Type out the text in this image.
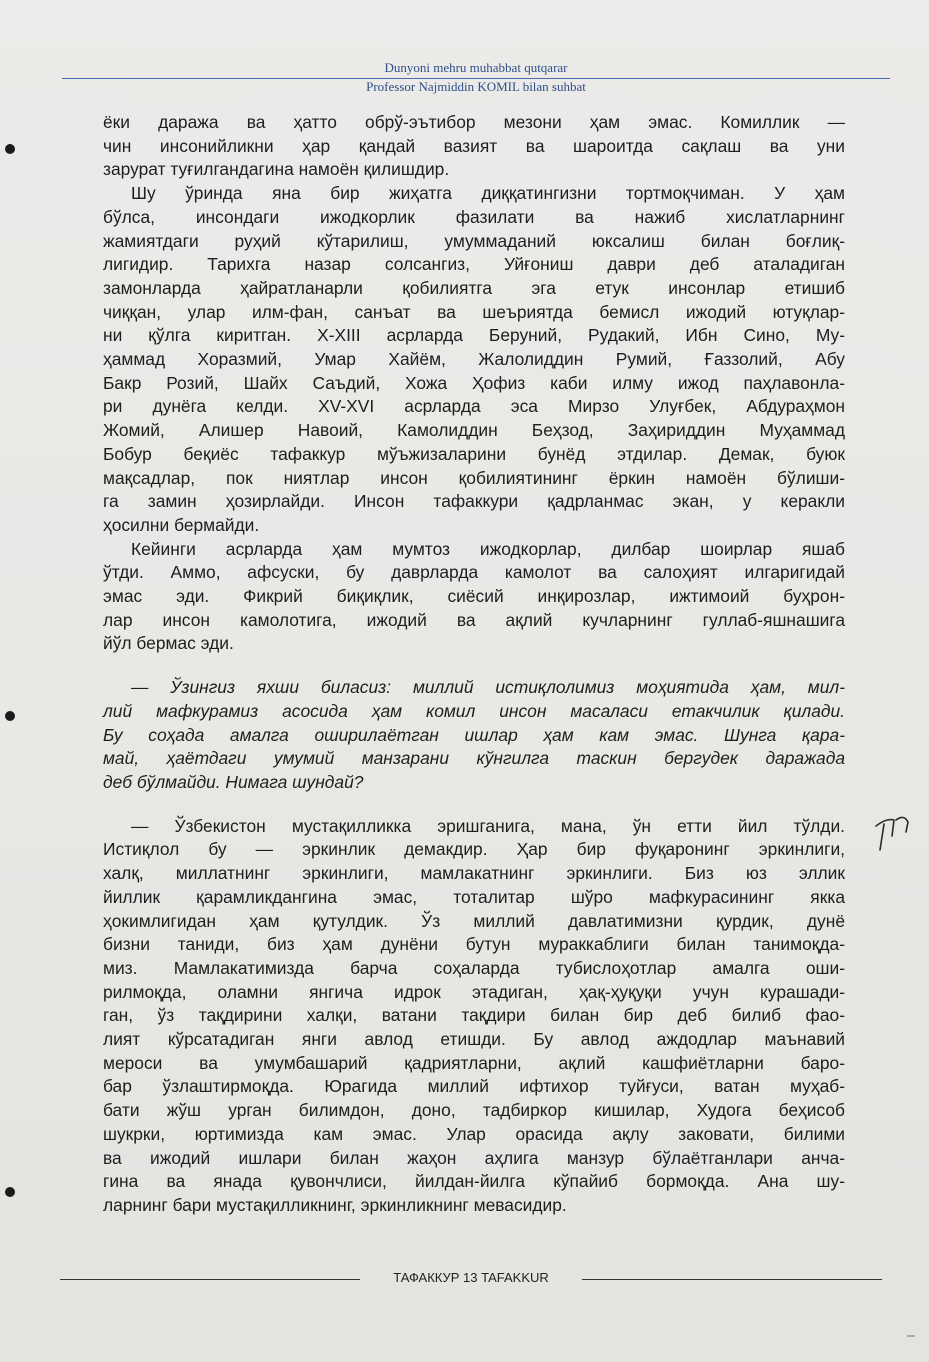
Dunyoni mehru muhabbat qutqarar
Professor Najmiddin KOMIL bilan suhbat
ёки даража ва ҳатто обрў-эътибор мезони ҳам эмас. Комиллик —
чин инсонийликни ҳар қандай вазият ва шароитда сақлаш ва уни
зарурат туғилгандагина намоён қилишдир.
Шу ўринда яна бир жиҳатга диққатингизни тортмоқчиман. У ҳам
бўлса, инсондаги ижодкорлик фазилати ва нажиб хислатларнинг
жамиятдаги руҳий кўтарилиш, умуммаданий юксалиш билан боғлиқ-
лигидир. Тарихга назар солсангиз, Уйғониш даври деб аталадиган
замонларда ҳайратланарли қобилиятга эга етук инсонлар етишиб
чиққан, улар илм-фан, санъат ва шеъриятда бемисл ижодий ютуқлар-
ни қўлга киритган. X-XIII асрларда Беруний, Рудакий, Ибн Сино, Му-
ҳаммад Хоразмий, Умар Хайём, Жалолиддин Румий, Ғаззолий, Абу
Бакр Розий, Шайх Саъдий, Хожа Ҳофиз каби илму ижод паҳлавонла-
ри дунёга келди. XV-XVI асрларда эса Мирзо Улуғбек, Абдураҳмон
Жомий, Алишер Навоий, Камолиддин Беҳзод, Заҳириддин Муҳаммад
Бобур беқиёс тафаккур мўъжизаларини бунёд этдилар. Демак, буюк
мақсадлар, пок ниятлар инсон қобилиятининг ёркин намоён бўлиши-
га замин ҳозирлайди. Инсон тафаккури қадрланмас экан, у керакли
ҳосилни бермайди.
Кейинги асрларда ҳам мумтоз ижодкорлар, дилбар шоирлар яшаб
ўтди. Аммо, афсуски, бу даврларда камолот ва салоҳият илгаригидай
эмас эди. Фикрий биқиқлик, сиёсий инқирозлар, ижтимоий буҳрон-
лар инсон камолотига, ижодий ва ақлий кучларнинг гуллаб-яшнашига
йўл бермас эди.
— Ўзингиз яхши биласиз: миллий истиқлолимиз моҳиятида ҳам, мил-
лий мафкурамиз асосида ҳам комил инсон масаласи етакчилик қилади.
Бу соҳада амалга оширилаётган ишлар ҳам кам эмас. Шунга қара-
май, ҳаётдаги умумий манзарани кўнгилга таскин бергудек даражада
деб бўлмайди. Нимага шундай?
— Ўзбекистон мустақилликка эришганига, мана, ўн етти йил тўлди.
Истиқлол бу — эркинлик демакдир. Ҳар бир фуқаронинг эркинлиги,
халқ, миллатнинг эркинлиги, мамлакатнинг эркинлиги. Биз юз эллик
йиллик қарамликдангина эмас, тоталитар шўро мафкурасининг якка
ҳокимлигидан ҳам қутулдик. Ўз миллий давлатимизни қурдик, дунё
бизни таниди, биз ҳам дунёни бутун мураккаблиги билан танимоқда-
миз. Мамлакатимизда барча соҳаларда тубислоҳотлар амалга оши-
рилмоқда, оламни янгича идрок этадиган, ҳақ-ҳуқуқи учун курашади-
ган, ўз тақдирини халқи, ватани тақдири билан бир деб билиб фао-
лият кўрсатадиган янги авлод етишди. Бу авлод аждодлар маънавий
мероси ва умумбашарий қадриятларни, ақлий кашфиётларни баро-
бар ўзлаштирмоқда. Юрагида миллий ифтихор туйғуси, ватан муҳаб-
бати жўш урган билимдон, доно, тадбиркор кишилар, Худога беҳисоб
шукрки, юртимизда кам эмас. Улар орасида ақлу заковати, билими
ва ижодий ишлари билан жаҳон аҳлига манзур бўлаётганлари анча-
гина ва янада қувончлиси, йилдан-йилга кўпайиб бормоқда. Ана шу-
ларнинг бари мустақилликнинг, эркинликнинг мевасидир.
ТАФАККУР 13 TAFAKKUR
